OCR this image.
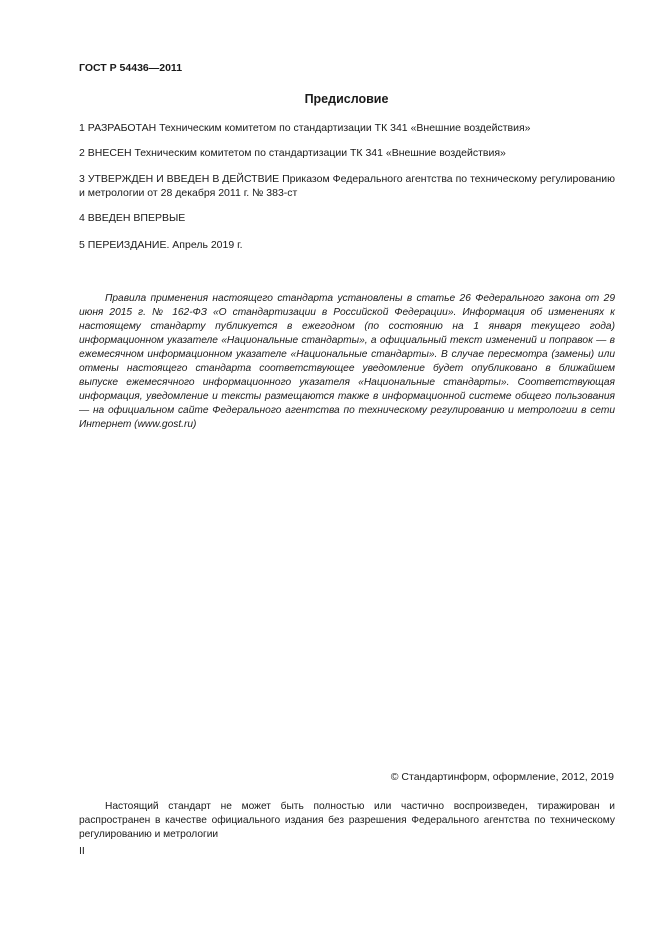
ГОСТ Р 54436—2011
Предисловие
1 РАЗРАБОТАН Техническим комитетом по стандартизации ТК 341 «Внешние воздействия»
2 ВНЕСЕН Техническим комитетом по стандартизации ТК 341 «Внешние воздействия»
3 УТВЕРЖДЕН И ВВЕДЕН В ДЕЙСТВИЕ Приказом Федерального агентства по техническому регулированию и метрологии от 28 декабря 2011 г. № 383-ст
4 ВВЕДЕН ВПЕРВЫЕ
5 ПЕРЕИЗДАНИЕ. Апрель 2019 г.
Правила применения настоящего стандарта установлены в статье 26 Федерального закона от 29 июня 2015 г. № 162-ФЗ «О стандартизации в Российской Федерации». Информация об изменениях к настоящему стандарту публикуется в ежегодном (по состоянию на 1 января текущего года) информационном указателе «Национальные стандарты», а официальный текст изменений и поправок — в ежемесячном информационном указателе «Национальные стандарты». В случае пересмотра (замены) или отмены настоящего стандарта соответствующее уведомление будет опубликовано в ближайшем выпуске ежемесячного информационного указателя «Национальные стандарты». Соответствующая информация, уведомление и тексты размещаются также в информационной системе общего пользования — на официальном сайте Федерального агентства по техническому регулированию и метрологии в сети Интернет (www.gost.ru)
© Стандартинформ, оформление, 2012, 2019
Настоящий стандарт не может быть полностью или частично воспроизведен, тиражирован и распространен в качестве официального издания без разрешения Федерального агентства по техническому регулированию и метрологии
II
